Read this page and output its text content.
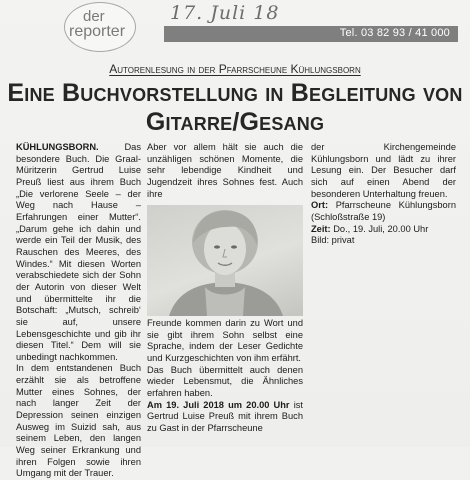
der
reporter
17. Juli 18
Tel. 03 82 93 / 41 000
Autorenlesung in der Pfarrscheune Kühlungsborn
Eine Buchvorstellung in Begleitung von
Gitarre/Gesang

KÜHLUNGSBORN.	Das besondere Buch. Die Graal-Müritzerin Gertrud Luise Preuß liest aus ihrem Buch „Die verlorene Seele – der Weg nach Hause – Erfahrungen einer Mutter“. „Darum gehe ich dahin und werde ein Teil der Musik, des Rauschen des Meeres, des Windes.“ Mit diesen Worten verabschiedete sich der Sohn der Autorin von dieser Welt und übermittelte ihr die Botschaft: „Mutsch, schreib‘ sie auf, unsere Lebensgeschichte und gib ihr diesen Titel.“ Dem will sie unbedingt nachkommen.

In dem entstandenen Buch erzählt sie als betroffene Mutter eines Sohnes, der nach langer Zeit der Depression seinen einzigen Ausweg im Suizid sah, aus seinem Leben, den langen Weg seiner Erkrankung und ihren Folgen sowie ihren Umgang mit der Trauer.

Aber vor allem hält sie auch die unzähligen schönen Momente, die sehr lebendige Kindheit und Jugendzeit ihres Sohnes fest. Auch ihre

Freunde kommen darin zu Wort und sie gibt ihrem Sohn selbst eine Sprache, indem der Leser Gedichte und Kurzgeschichten von ihm erfährt.

Das Buch übermittelt auch denen wieder Lebensmut, die Ähnliches erfahren haben.

Am 19. Juli 2018 um 20.00 Uhr ist Gertrud Luise Preuß mit ihrem Buch zu Gast in der Pfarrscheune

der Kirchengemeinde Kühlungsborn und lädt zu ihrer Lesung ein. Der Besucher darf sich auf einen Abend der besonderen Unterhaltung freuen.

Ort: Pfarrscheune Kühlungsborn (Schloßstraße 19)

Zeit: Do., 19. Juli, 20.00 Uhr

Bild: privat
